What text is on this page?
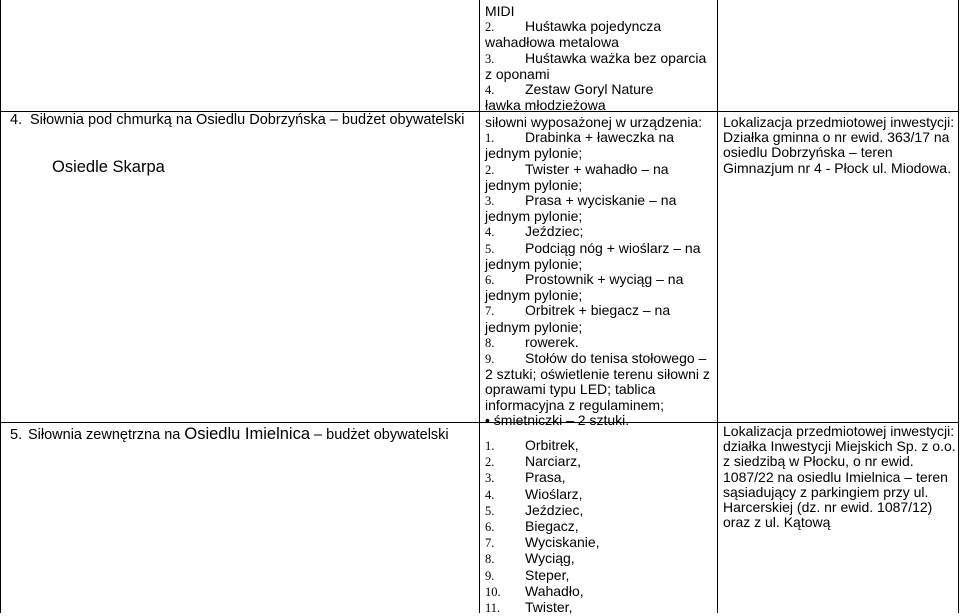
MIDI
2. Huśtawka pojedyncza
wahadłowa metalowa
3. Huśtawka ważka bez oparcia
z oponami
4. Zestaw Goryl Nature
ławka młodzieżowa
4. Siłownia pod chmurką na Osiedlu Dobrzyńska – budżet obywatelski
Osiedle Skarpa
siłowni wyposażonej w urządzenia:
1. Drabinka + ławeczka na
jednym pylonie;
2. Twister + wahadło – na
jednym pylonie;
3. Prasa + wyciskanie – na
jednym pylonie;
4. Jeździec;
5. Podciąg nóg + wioślarz – na
jednym pylonie;
6. Prostownik + wyciąg – na
jednym pylonie;
7. Orbitrek + biegacz – na
jednym pylonie;
8. rowerek.
9. Stołów do tenisa stołowego –
2 sztuki; oświetlenie terenu siłowni z
oprawami typu LED; tablica
informacyjna z regulaminem;
• śmietniczki – 2 sztuki.
Lokalizacja przedmiotowej inwestycji:
Działka gminna o nr ewid. 363/17 na
osiedlu Dobrzyńska – teren
Gimnazjum nr 4 - Płock ul. Miodowa.
5. Siłownia zewnętrzna na Osiedlu Imielnica – budżet obywatelski
1. Orbitrek,
2. Narciarz,
3. Prasa,
4. Wioślarz,
5. Jeździec,
6. Biegacz,
7. Wyciskanie,
8. Wyciąg,
9. Steper,
10. Wahadło,
11. Twister,
Lokalizacja przedmiotowej inwestycji:
działka Inwestycji Miejskich Sp. z o.o.
z siedzibą w Płocku, o nr ewid.
1087/22 na osiedlu Imielnica – teren
sąsiadujący z parkingiem przy ul.
Harcerskiej (dz. nr ewid. 1087/12)
oraz z ul. Kątową
